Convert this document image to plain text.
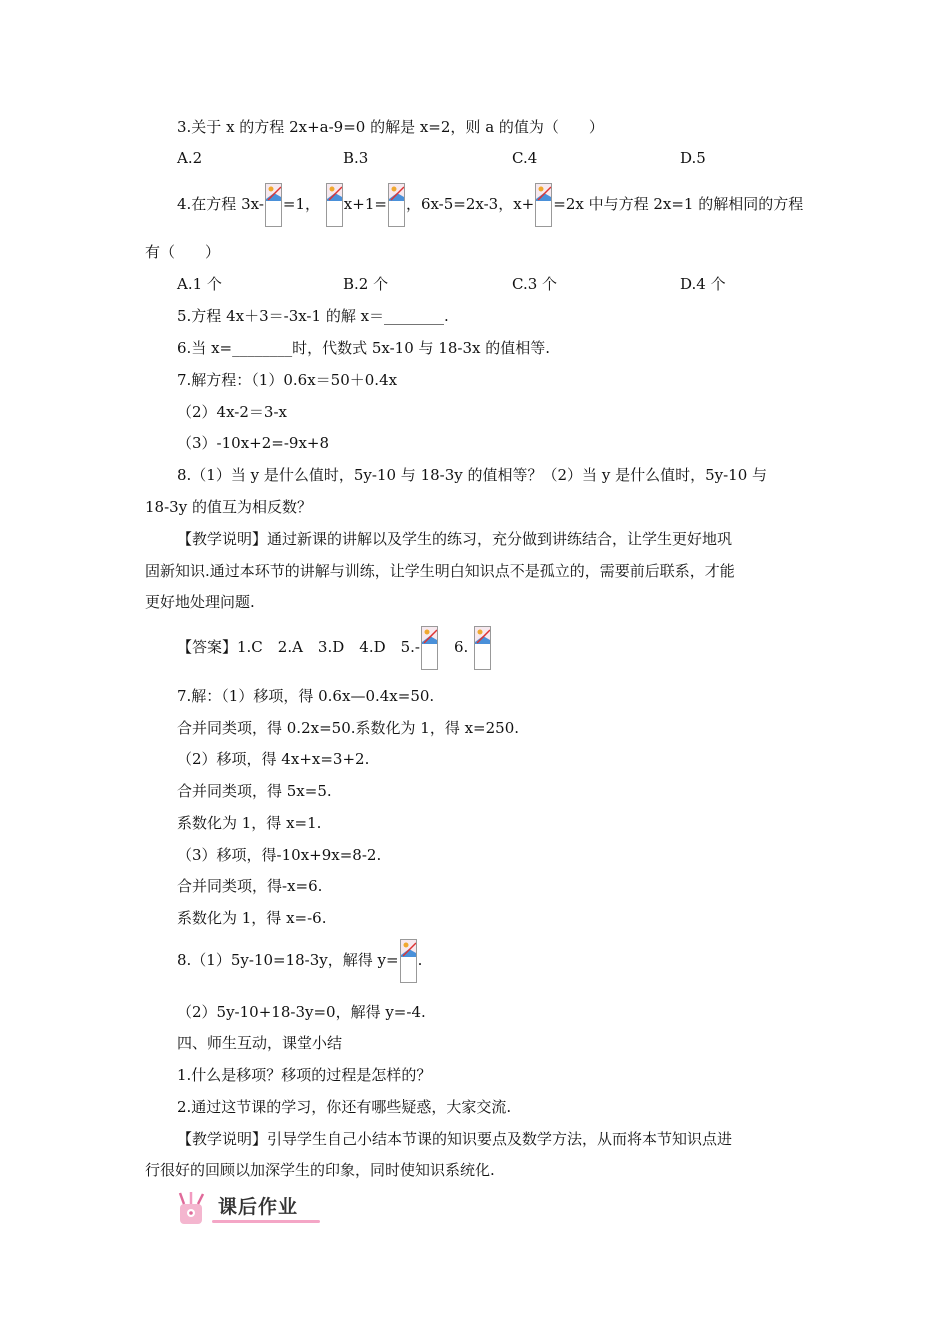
3.关于 x 的方程 2x+a-9=0 的解是 x=2，则 a 的值为（　　）
A.2	B.3	C.4	D.5
4.在方程 3x- =1， x+1= ，6x-5=2x-3，x+ =2x 中与方程 2x=1 的解相同的方程
有（　　）
A.1 个	B.2 个	C.3 个	D.4 个
5.方程 4x＋3＝-3x-1 的解 x＝________.
6.当 x=________时，代数式 5x-10 与 18-3x 的值相等.
7.解方程：（1）0.6x＝50＋0.4x
（2）4x-2＝3-x
（3）-10x+2=-9x+8
8.（1）当 y 是什么值时，5y-10 与 18-3y 的值相等？（2）当 y 是什么值时，5y-10 与
18-3y 的值互为相反数？
【教学说明】通过新课的讲解以及学生的练习，充分做到讲练结合，让学生更好地巩
固新知识.通过本环节的讲解与训练，让学生明白知识点不是孤立的，需要前后联系，才能
更好地处理问题.
【答案】1.C　2.A　3.D　4.D　5.-
　6.
7.解：（1）移项，得 0.6x—0.4x=50.
合并同类项，得 0.2x=50.系数化为 1，得 x=250.
（2）移项，得 4x+x=3+2.
合并同类项，得 5x=5.
系数化为 1，得 x=1.
（3）移项，得-10x+9x=8-2.
合并同类项，得-x=6.
系数化为 1，得 x=-6.
8.（1）5y-10=18-3y，解得 y= .
（2）5y-10+18-3y=0，解得 y=-4.
四、师生互动，课堂小结
1.什么是移项？移项的过程是怎样的？
2.通过这节课的学习，你还有哪些疑惑，大家交流.
【教学说明】引导学生自己小结本节课的知识要点及数学方法，从而将本节知识点进
行很好的回顾以加深学生的印象，同时使知识系统化.
课后作业
